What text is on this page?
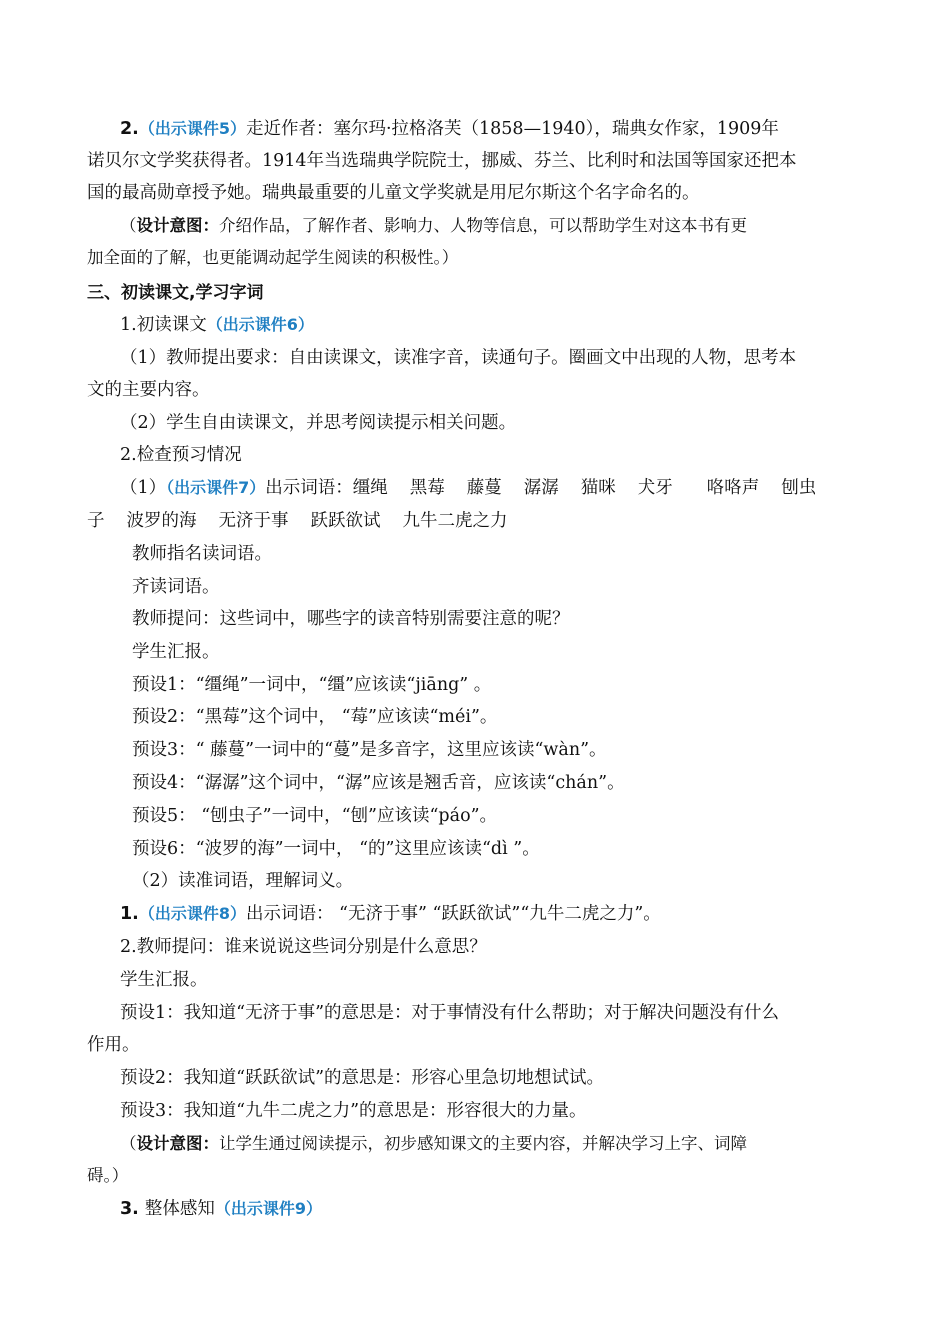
2.（出示课件5）走近作者：塞尔玛·拉格洛芙（1858—1940），瑞典女作家，1909年
诺贝尔文学奖获得者。1914年当选瑞典学院院士，挪威、芬兰、比利时和法国等国家还把本
国的最高勋章授予她。瑞典最重要的儿童文学奖就是用尼尔斯这个名字命名的。
（设计意图：介绍作品，了解作者、影响力、人物等信息，可以帮助学生对这本书有更
加全面的了解，也更能调动起学生阅读的积极性。）
三、初读课文,学习字词
1.初读课文（出示课件6）
（1）教师提出要求：自由读课文，读准字音，读通句子。圈画文中出现的人物，思考本
文的主要内容。
（2）学生自由读课文，并思考阅读提示相关问题。
2.检查预习情况
（1）（出示课件7）出示词语：缰绳 黑莓 藤蔓 潺潺 猫咪 犬牙 咯咯声 刨虫
子 波罗的海 无济于事 跃跃欲试 九牛二虎之力
教师指名读词语。
齐读词语。
教师提问：这些词中，哪些字的读音特别需要注意的呢？
学生汇报。
预设1：“缰绳”一词中，“缰”应该读“jiāng” 。
预设2：“黑莓”这个词中， “莓”应该读“méi”。
预设3：“ 藤蔓”一词中的“蔓”是多音字，这里应该读“wàn”。
预设4：“潺潺”这个词中，“潺”应该是翘舌音，应该读“chán”。
预设5： “刨虫子”一词中，“刨”应该读“páo”。
预设6：“波罗的海”一词中， “的”这里应该读“dì ”。
（2）读准词语，理解词义。
1.（出示课件8）出示词语： “无济于事” “跃跃欲试”“九牛二虎之力”。
2.教师提问：谁来说说这些词分别是什么意思？
学生汇报。
预设1：我知道“无济于事”的意思是：对于事情没有什么帮助；对于解决问题没有什么
作用。
预设2：我知道“跃跃欲试”的意思是：形容心里急切地想试试。
预设3：我知道“九牛二虎之力”的意思是：形容很大的力量。
（设计意图：让学生通过阅读提示，初步感知课文的主要内容，并解决学习上字、词障
碍。）
3. 整体感知（出示课件9）
